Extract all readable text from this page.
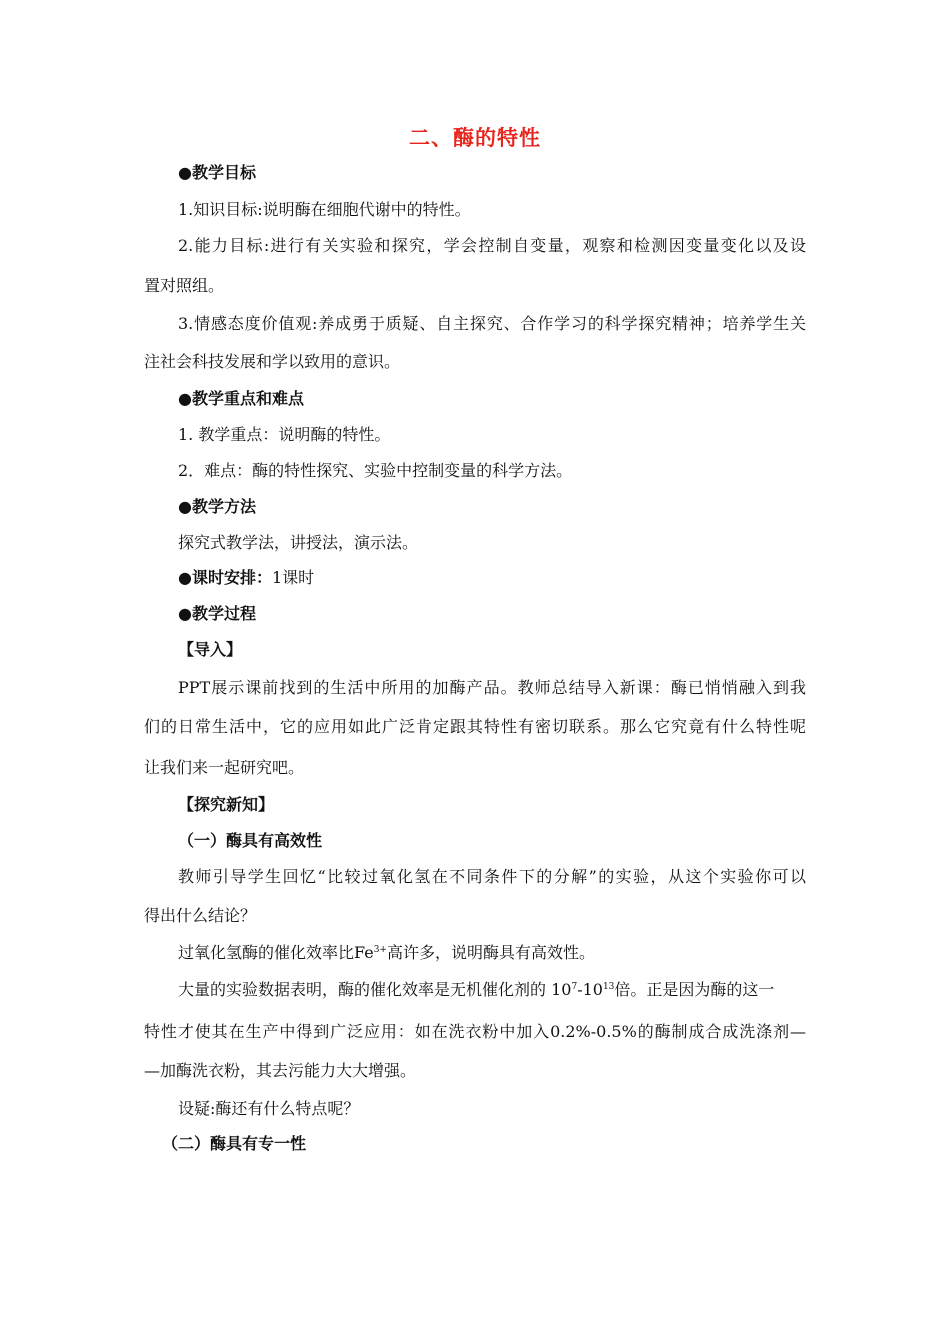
二、酶的特性
●教学目标
1.知识目标:说明酶在细胞代谢中的特性。
2.能力目标:进行有关实验和探究，学会控制自变量，观察和检测因变量变化以及设
置对照组。
3.情感态度价值观:养成勇于质疑、自主探究、合作学习的科学探究精神；培养学生关
注社会科技发展和学以致用的意识。
●教学重点和难点
1. 教学重点：说明酶的特性。
2．难点：酶的特性探究、实验中控制变量的科学方法。
●教学方法
探究式教学法，讲授法，演示法。
●课时安排：1课时
●教学过程
【导入】
PPT展示课前找到的生活中所用的加酶产品。教师总结导入新课：酶已悄悄融入到我
们的日常生活中，它的应用如此广泛肯定跟其特性有密切联系。那么它究竟有什么特性呢
让我们来一起研究吧。
【探究新知】
（一）酶具有高效性
教师引导学生回忆“比较过氧化氢在不同条件下的分解”的实验，从这个实验你可以
得出什么结论？
过氧化氢酶的催化效率比$Fe^{3+}$高许多，说明酶具有高效性。
大量的实验数据表明，酶的催化效率是无机催化剂的 $10^7-10^{13}$倍。正是因为酶的这一
特性才使其在生产中得到广泛应用：如在洗衣粉中加入0.2%-0.5%的酶制成合成洗涤剂—
—加酶洗衣粉，其去污能力大大增强。
设疑:酶还有什么特点呢？
（二）酶具有专一性
